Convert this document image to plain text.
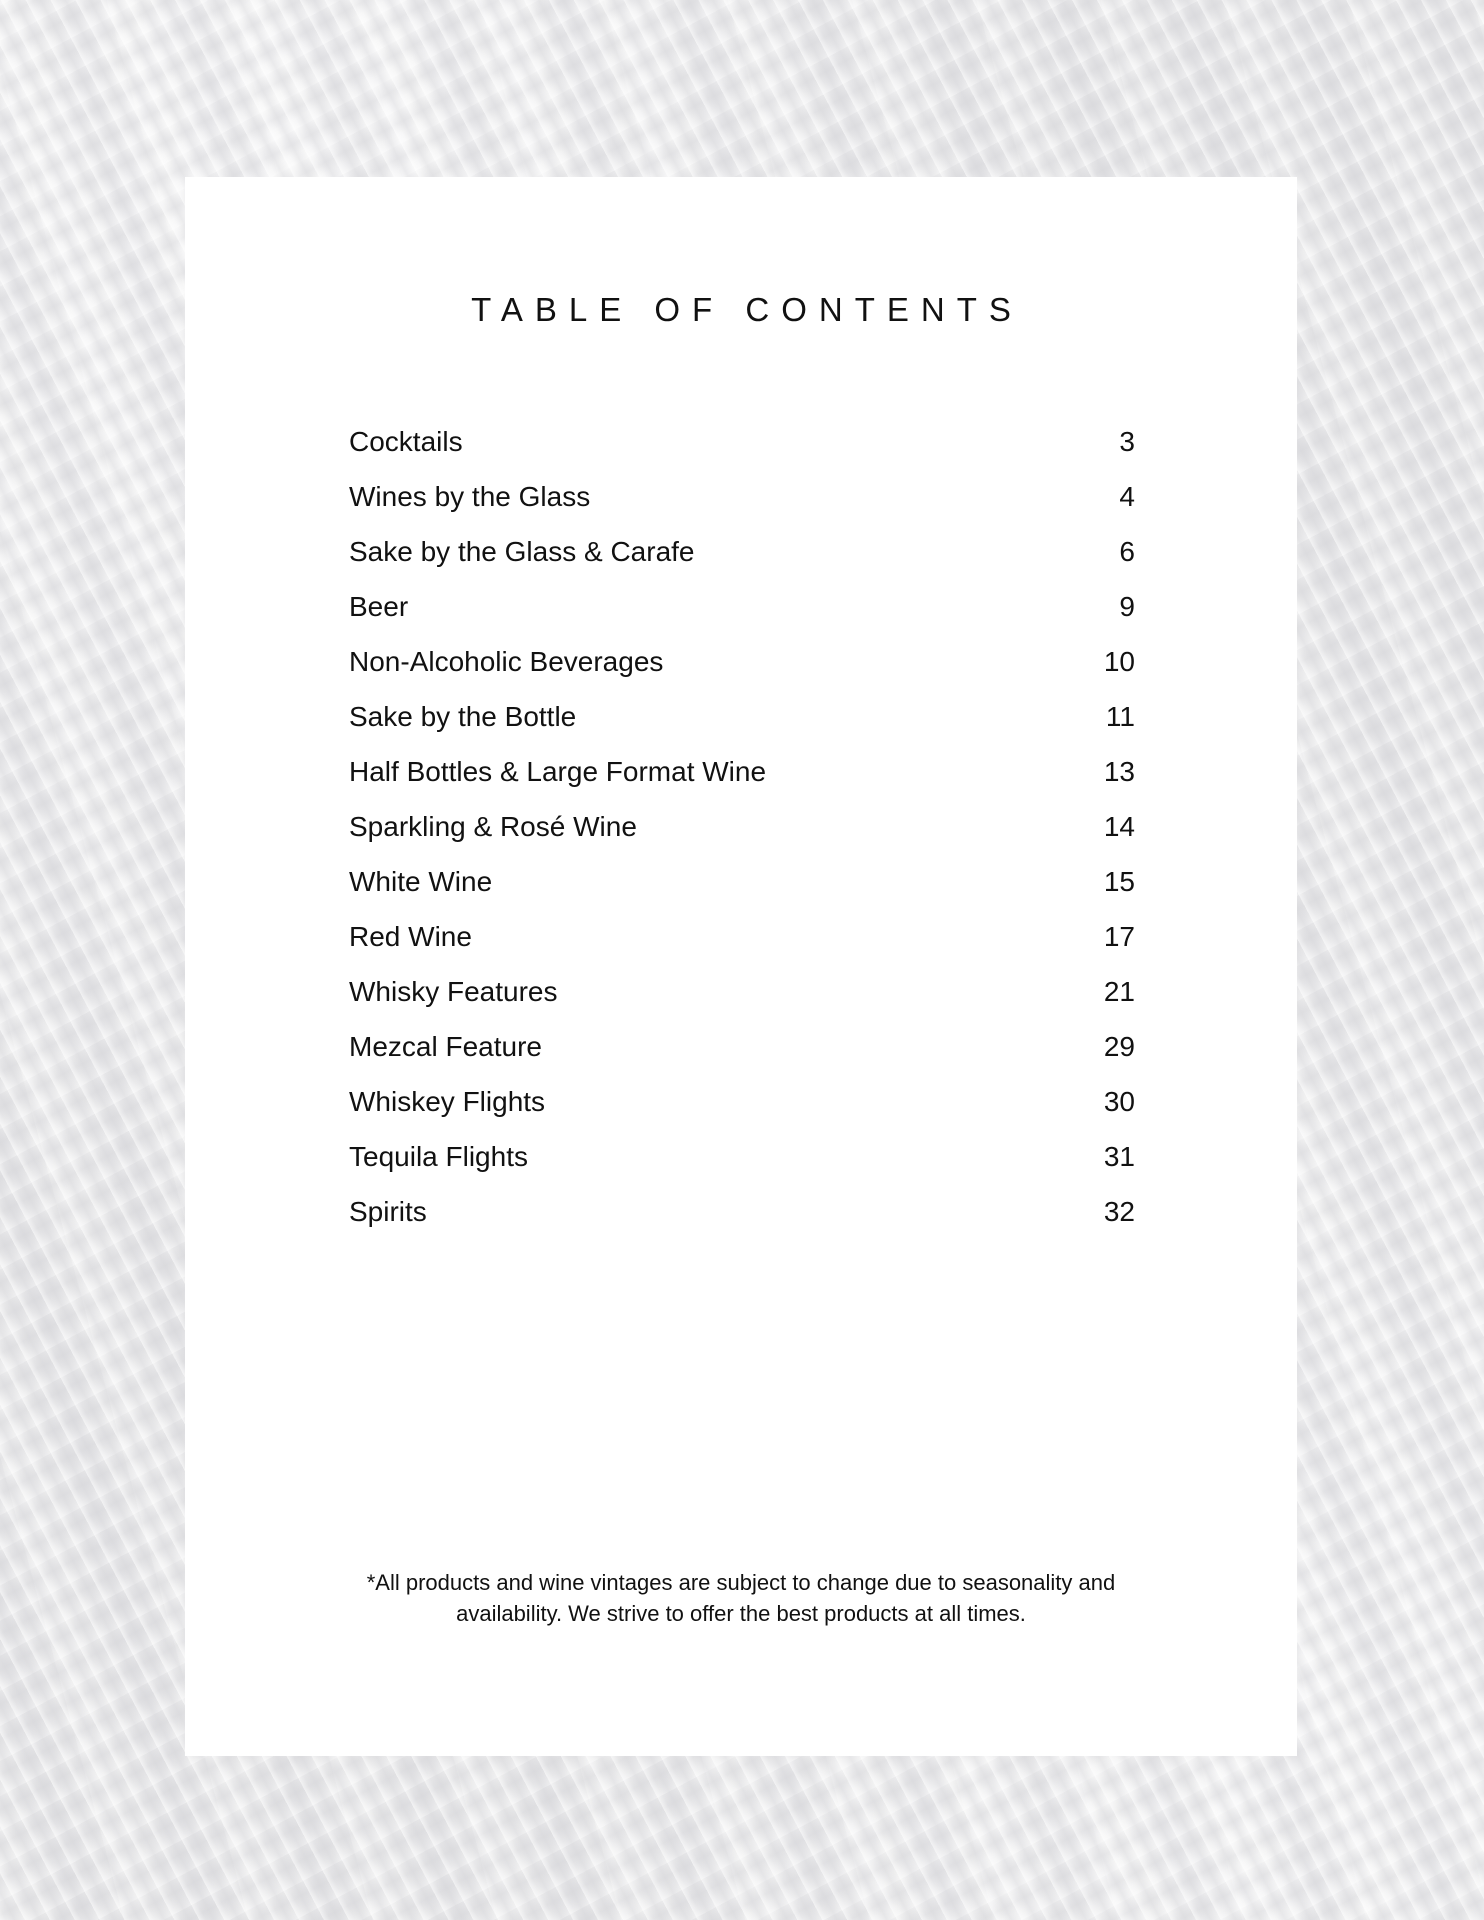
TABLE OF CONTENTS
Cocktails	3
Wines by the Glass	4
Sake by the Glass & Carafe	6
Beer	9
Non-Alcoholic Beverages	10
Sake by the Bottle	11
Half Bottles & Large Format Wine	13
Sparkling & Rosé Wine	14
White Wine	15
Red Wine	17
Whisky Features	21
Mezcal Feature	29
Whiskey Flights	30
Tequila Flights	31
Spirits	32
*All products and wine vintages are subject to change due to seasonality and availability. We strive to offer the best products at all times.
